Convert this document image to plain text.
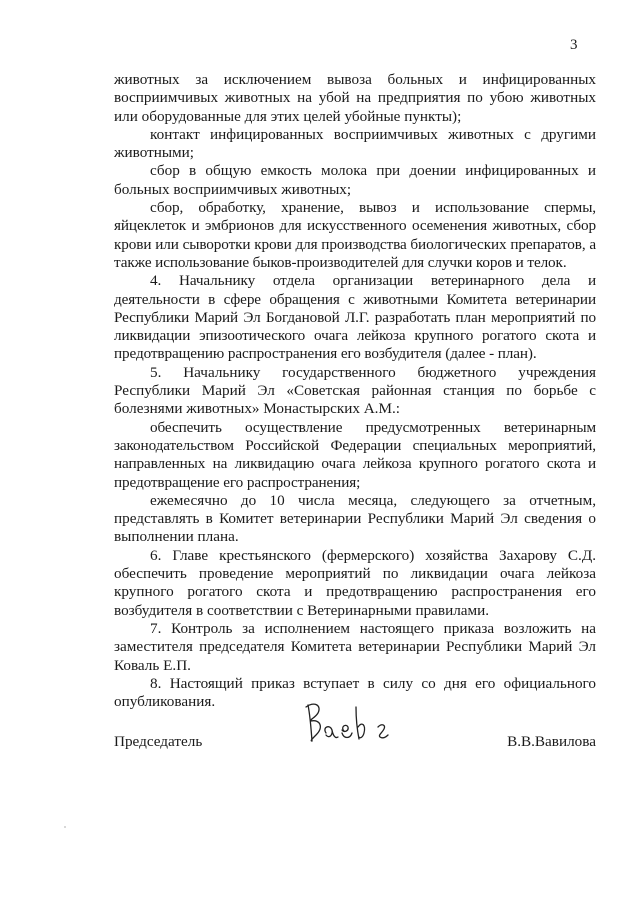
3

животных за исключением вывоза больных и инфицированных восприимчивых животных на убой на предприятия по убою животных или оборудованные для этих целей убойные пункты);

контакт инфицированных восприимчивых животных с другими животными;

сбор в общую емкость молока при доении инфицированных и больных восприимчивых животных;

сбор, обработку, хранение, вывоз и использование спермы, яйцеклеток и эмбрионов для искусственного осеменения животных, сбор крови или сыворотки крови для производства биологических препаратов, а также использование быков-производителей для случки коров и телок.

4. Начальнику отдела организации ветеринарного дела и деятельности в сфере обращения с животными Комитета ветеринарии Республики Марий Эл Богдановой Л.Г. разработать план мероприятий по ликвидации эпизоотического очага лейкоза крупного рогатого скота и предотвращению распространения его возбудителя (далее - план).

5. Начальнику государственного бюджетного учреждения Республики Марий Эл «Советская районная станция по борьбе с болезнями животных» Монастырских А.М.:

обеспечить осуществление предусмотренных ветеринарным законодательством Российской Федерации специальных мероприятий, направленных на ликвидацию очага лейкоза крупного рогатого скота и предотвращение его распространения;

ежемесячно до 10 числа месяца, следующего за отчетным, представлять в Комитет ветеринарии Республики Марий Эл сведения о выполнении плана.

6. Главе крестьянского (фермерского) хозяйства Захарову С.Д. обеспечить проведение мероприятий по ликвидации очага лейкоза крупного рогатого скота и предотвращению распространения его возбудителя в соответствии с Ветеринарными правилами.

7. Контроль за исполнением настоящего приказа возложить на заместителя председателя Комитета ветеринарии Республики Марий Эл Коваль Е.П.

8. Настоящий приказ вступает в силу со дня его официального опубликования.

Председатель	В.В.Вавилова
